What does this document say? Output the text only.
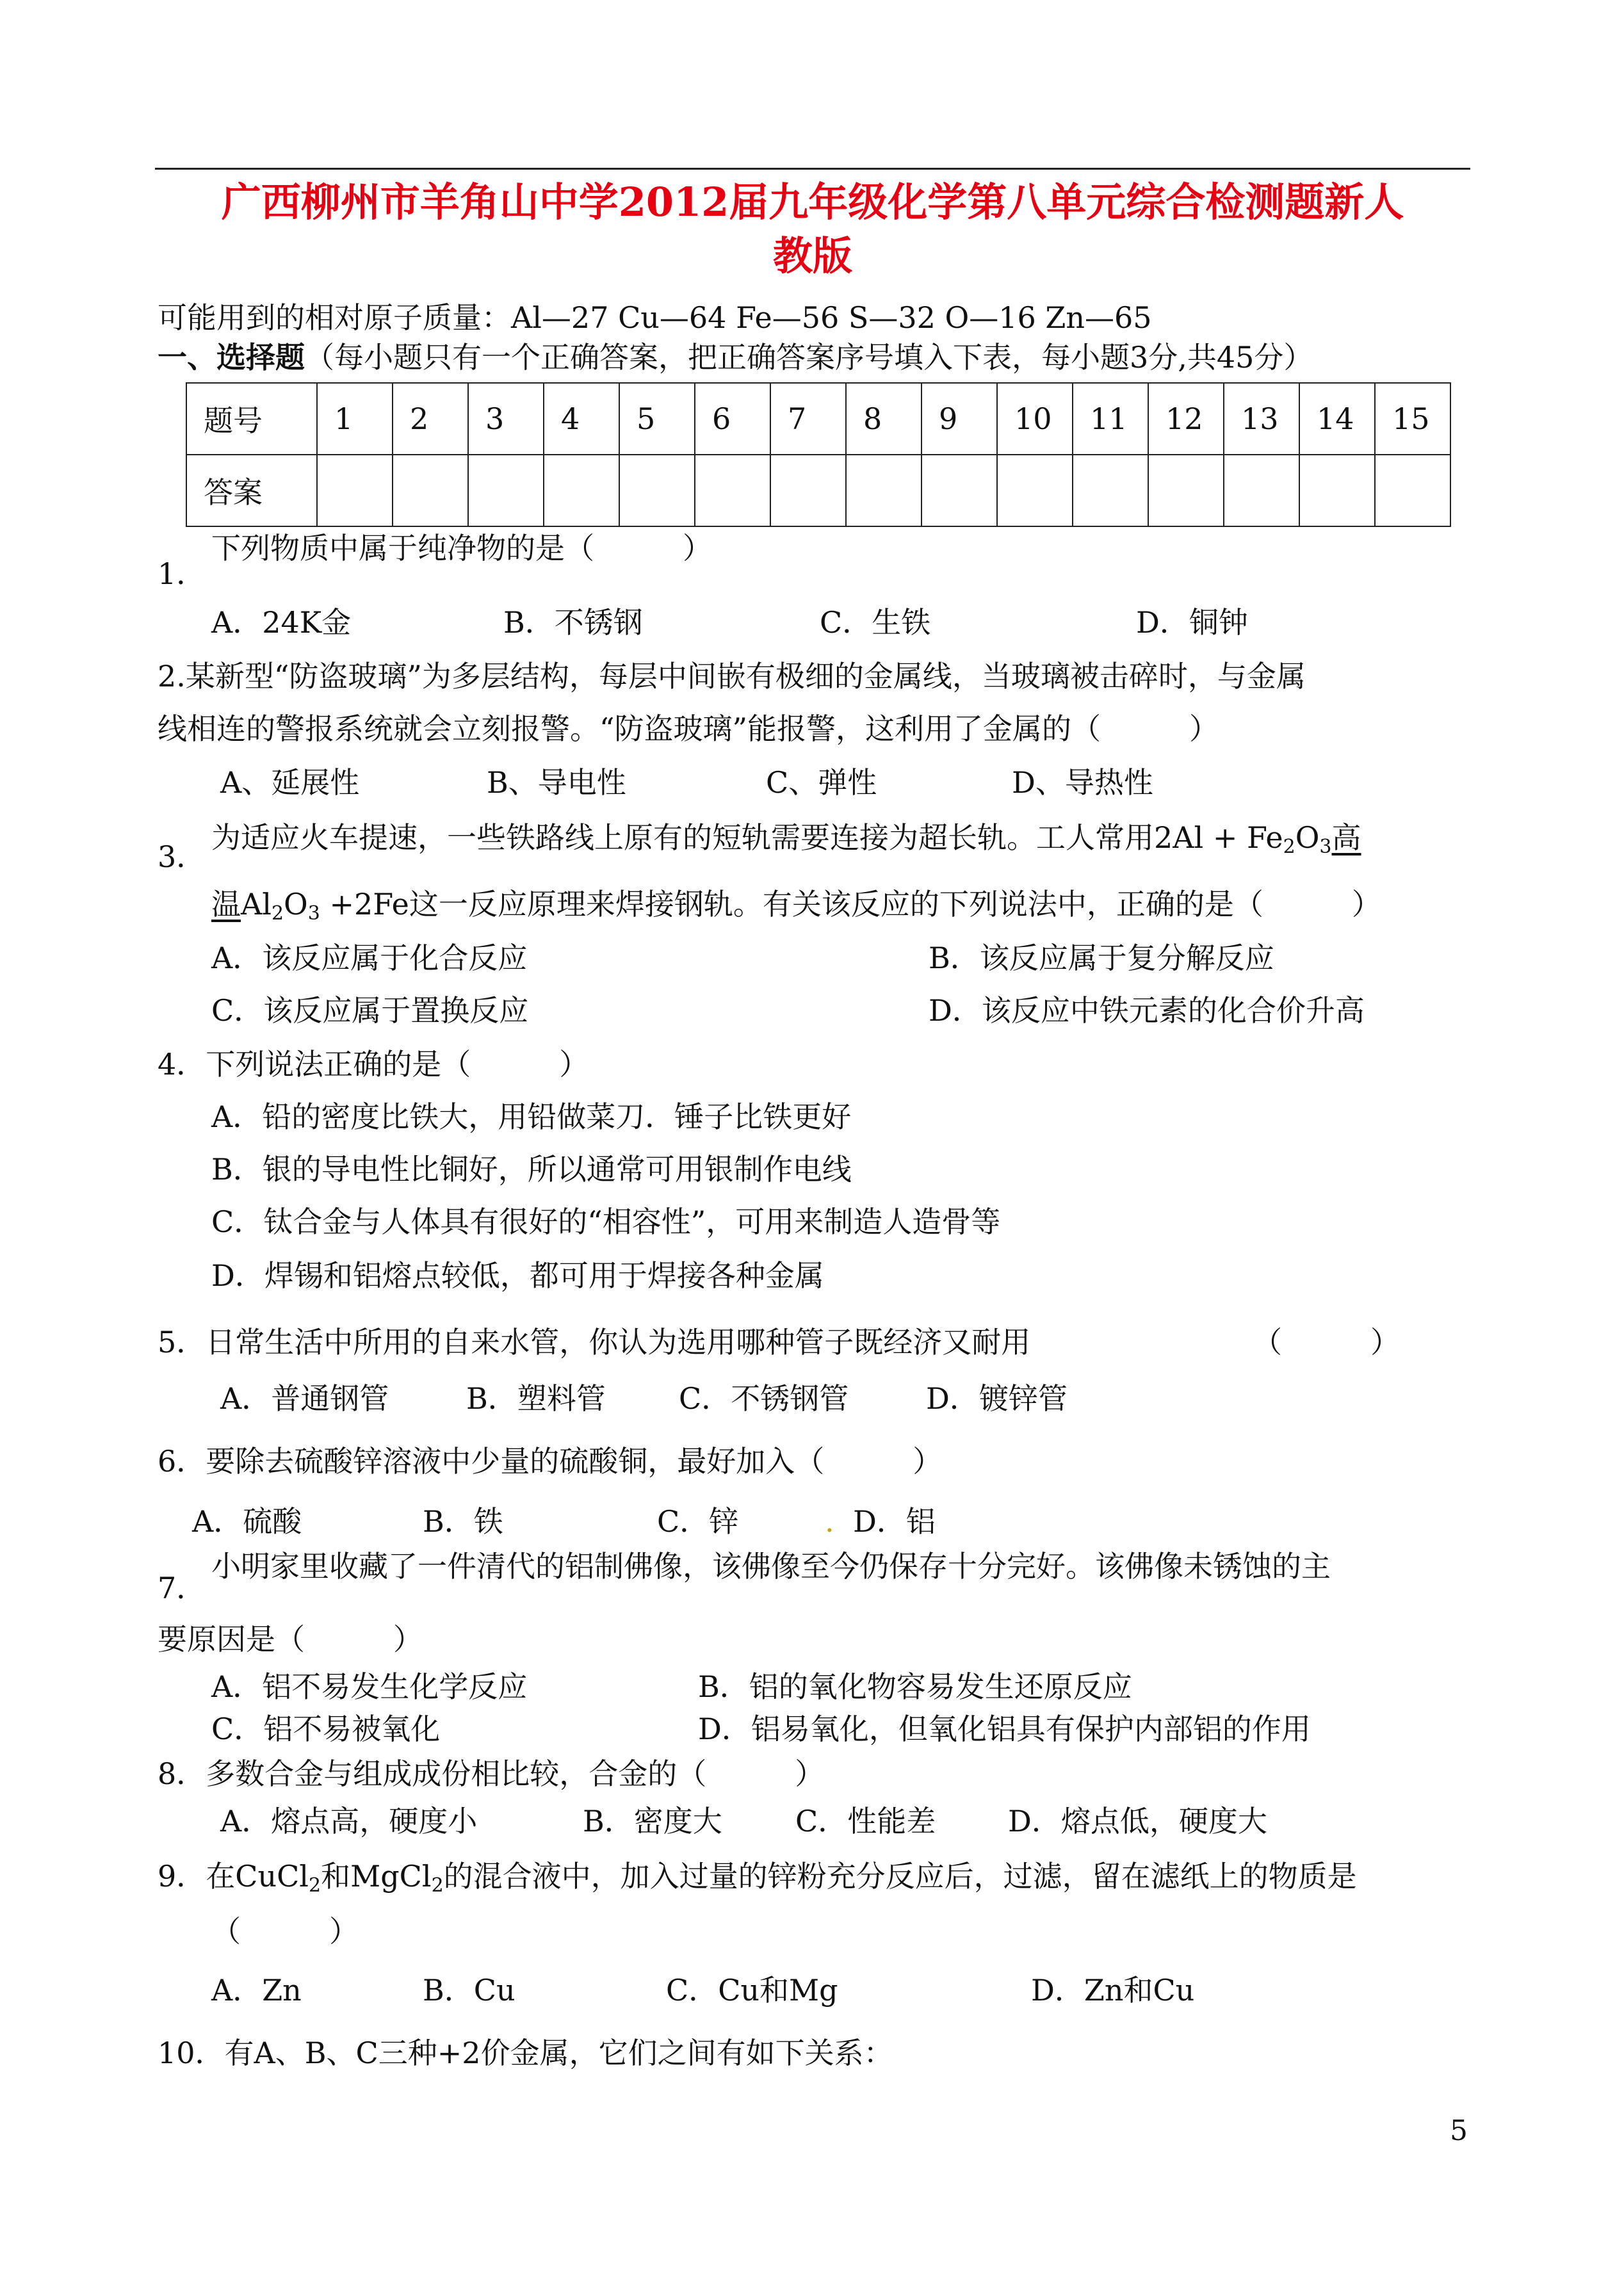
广西柳州市羊角山中学2012届九年级化学第八单元综合检测题新人
教版
可能用到的相对原子质量：Al—27 Cu—64 Fe—56 S—32 O—16 Zn—65
一、选择题（每小题只有一个正确答案，把正确答案序号填入下表，每小题3分,共45分）
题号	1	2	3	4	5	6	7	8	9	10	11	12	13	14	15
答案															
1．
下列物质中属于纯净物的是（　　　）
A．24K金	B．不锈钢	C．生铁	D．铜钟
2.某新型“防盗玻璃”为多层结构，每层中间嵌有极细的金属线，当玻璃被击碎时，与金属
线相连的警报系统就会立刻报警。“防盗玻璃”能报警，这利用了金属的（　　　）
A、延展性	B、导电性	C、弹性	D、导热性
3．
为适应火车提速，一些铁路线上原有的短轨需要连接为超长轨。工人常用$2Al + Fe_2O_3$高
温$Al_2O_3 +2Fe$这一反应原理来焊接钢轨。有关该反应的下列说法中，正确的是（　　　）
A．该反应属于化合反应	B．该反应属于复分解反应
C．该反应属于置换反应	D．该反应中铁元素的化合价升高
4．下列说法正确的是（　　　）
A．铅的密度比铁大，用铅做菜刀．锤子比铁更好
B．银的导电性比铜好，所以通常可用银制作电线
C．钛合金与人体具有很好的“相容性”，可用来制造人造骨等
D．焊锡和铝熔点较低，都可用于焊接各种金属
5．日常生活中所用的自来水管，你认为选用哪种管子既经济又耐用	（　　　）
A．普通钢管	B．塑料管 C．不锈钢管	D．镀锌管
6．要除去硫酸锌溶液中少量的硫酸铜，最好加入（　　　）
A．硫酸	B．铁	C．锌	. D．铝
7．
小明家里收藏了一件清代的铝制佛像，该佛像至今仍保存十分完好。该佛像未锈蚀的主
要原因是（　　　）
A．铝不易发生化学反应	B．铝的氧化物容易发生还原反应
C．铝不易被氧化	D．铝易氧化，但氧化铝具有保护内部铝的作用
8．多数合金与组成成份相比较，合金的（　　　）
A．熔点高，硬度小	B．密度大 C．性能差 D．熔点低，硬度大
9．在CuCl$_2$和MgCl$_2$的混合液中，加入过量的锌粉充分反应后，过滤，留在滤纸上的物质是
（　　　）
A．Zn	B．Cu	C．Cu和Mg	D．Zn和Cu
10．有A、B、C三种+2价金属，它们之间有如下关系：
5
